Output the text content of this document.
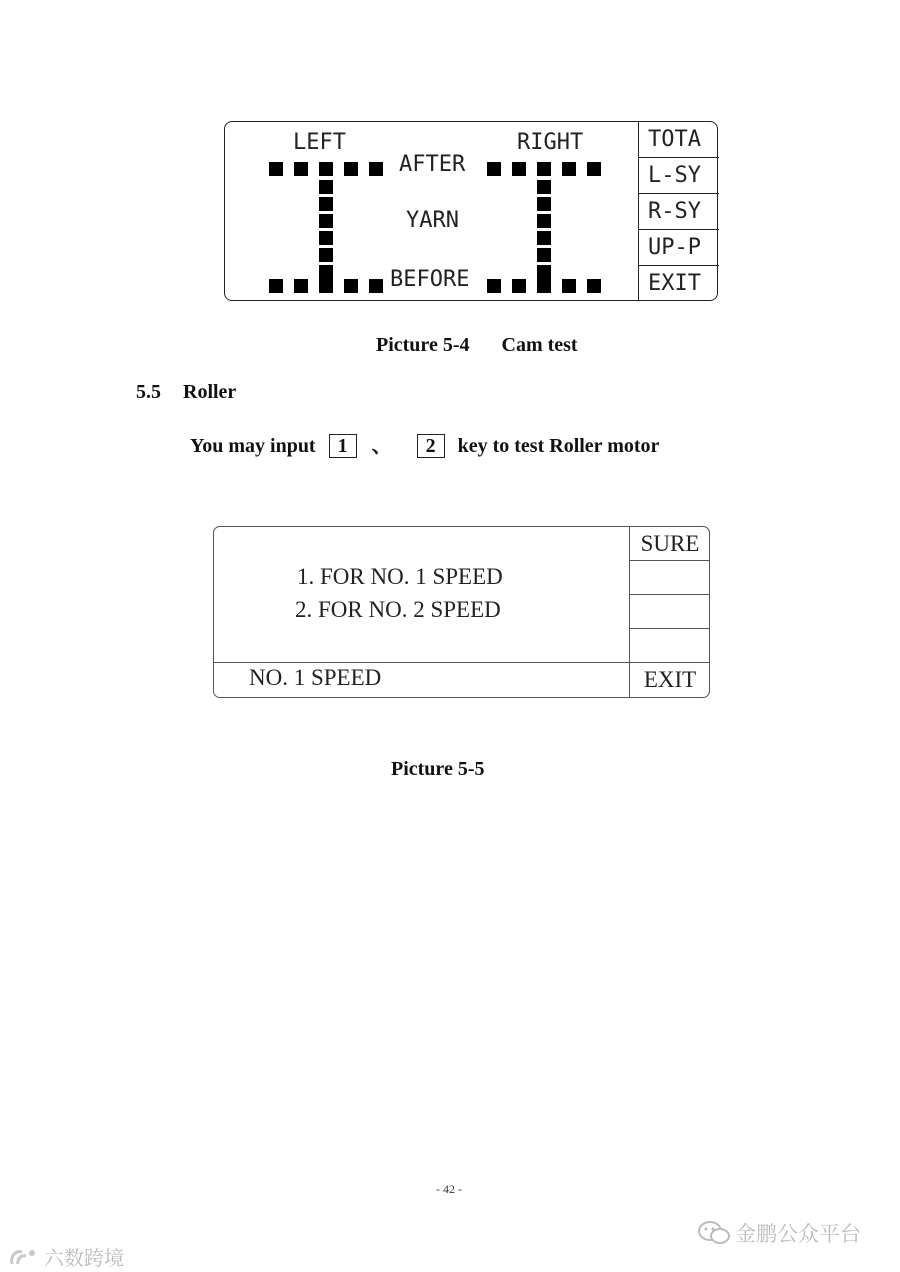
LEFT	RIGHT
AFTER
YARN
BEFORE
TOTA
L-SY
R-SY
UP-P
EXIT
Picture 5-4 Cam test
5.5 Roller
You may input 1 、 2 key to test Roller motor
1. FOR NO. 1 SPEED
2. FOR NO. 2 SPEED
NO. 1 SPEED
SURE
EXIT
Picture 5-5
- 42 -
六数跨境
金鹏公众平台
